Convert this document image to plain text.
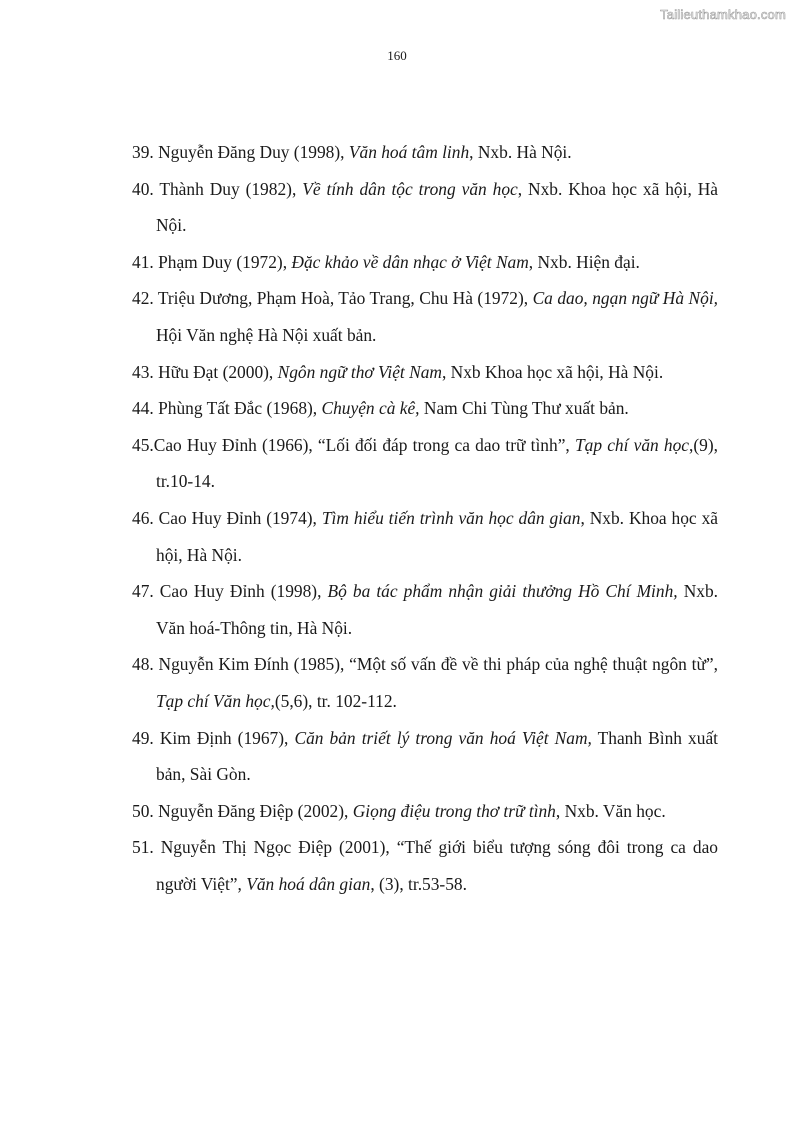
Tailieuthamkhao.com
160
39. Nguyễn Đăng Duy (1998), Văn hoá tâm linh, Nxb. Hà Nội.
40. Thành Duy (1982), Về tính dân tộc trong văn học, Nxb. Khoa học xã hội, Hà Nội.
41. Phạm Duy (1972), Đặc khảo về dân nhạc ở Việt Nam, Nxb. Hiện đại.
42. Triệu Dương, Phạm Hoà, Tảo Trang, Chu Hà (1972), Ca dao, ngạn ngữ Hà Nội, Hội Văn nghệ Hà Nội xuất bản.
43. Hữu Đạt (2000), Ngôn ngữ thơ Việt Nam, Nxb Khoa học xã hội, Hà Nội.
44. Phùng Tất Đắc (1968), Chuyện cà kê, Nam Chi Tùng Thư xuất bản.
45.Cao Huy Đỉnh (1966), “Lối đối đáp trong ca dao trữ tình”, Tạp chí văn học,(9), tr.10-14.
46. Cao Huy Đỉnh (1974), Tìm hiểu tiến trình văn học dân gian, Nxb. Khoa học xã hội, Hà Nội.
47. Cao Huy Đỉnh (1998), Bộ ba tác phẩm nhận giải thưởng Hồ Chí Minh, Nxb. Văn hoá-Thông tin, Hà Nội.
48. Nguyễn Kim Đính (1985), “Một số vấn đề về thi pháp của nghệ thuật ngôn từ”, Tạp chí Văn học,(5,6), tr. 102-112.
49. Kim Định (1967), Căn bản triết lý trong văn hoá Việt Nam, Thanh Bình xuất bản, Sài Gòn.
50. Nguyễn Đăng Điệp (2002), Giọng điệu trong thơ trữ tình, Nxb. Văn học.
51. Nguyễn Thị Ngọc Điệp (2001), “Thế giới biểu tượng sóng đôi trong ca dao người Việt”, Văn hoá dân gian, (3), tr.53-58.
